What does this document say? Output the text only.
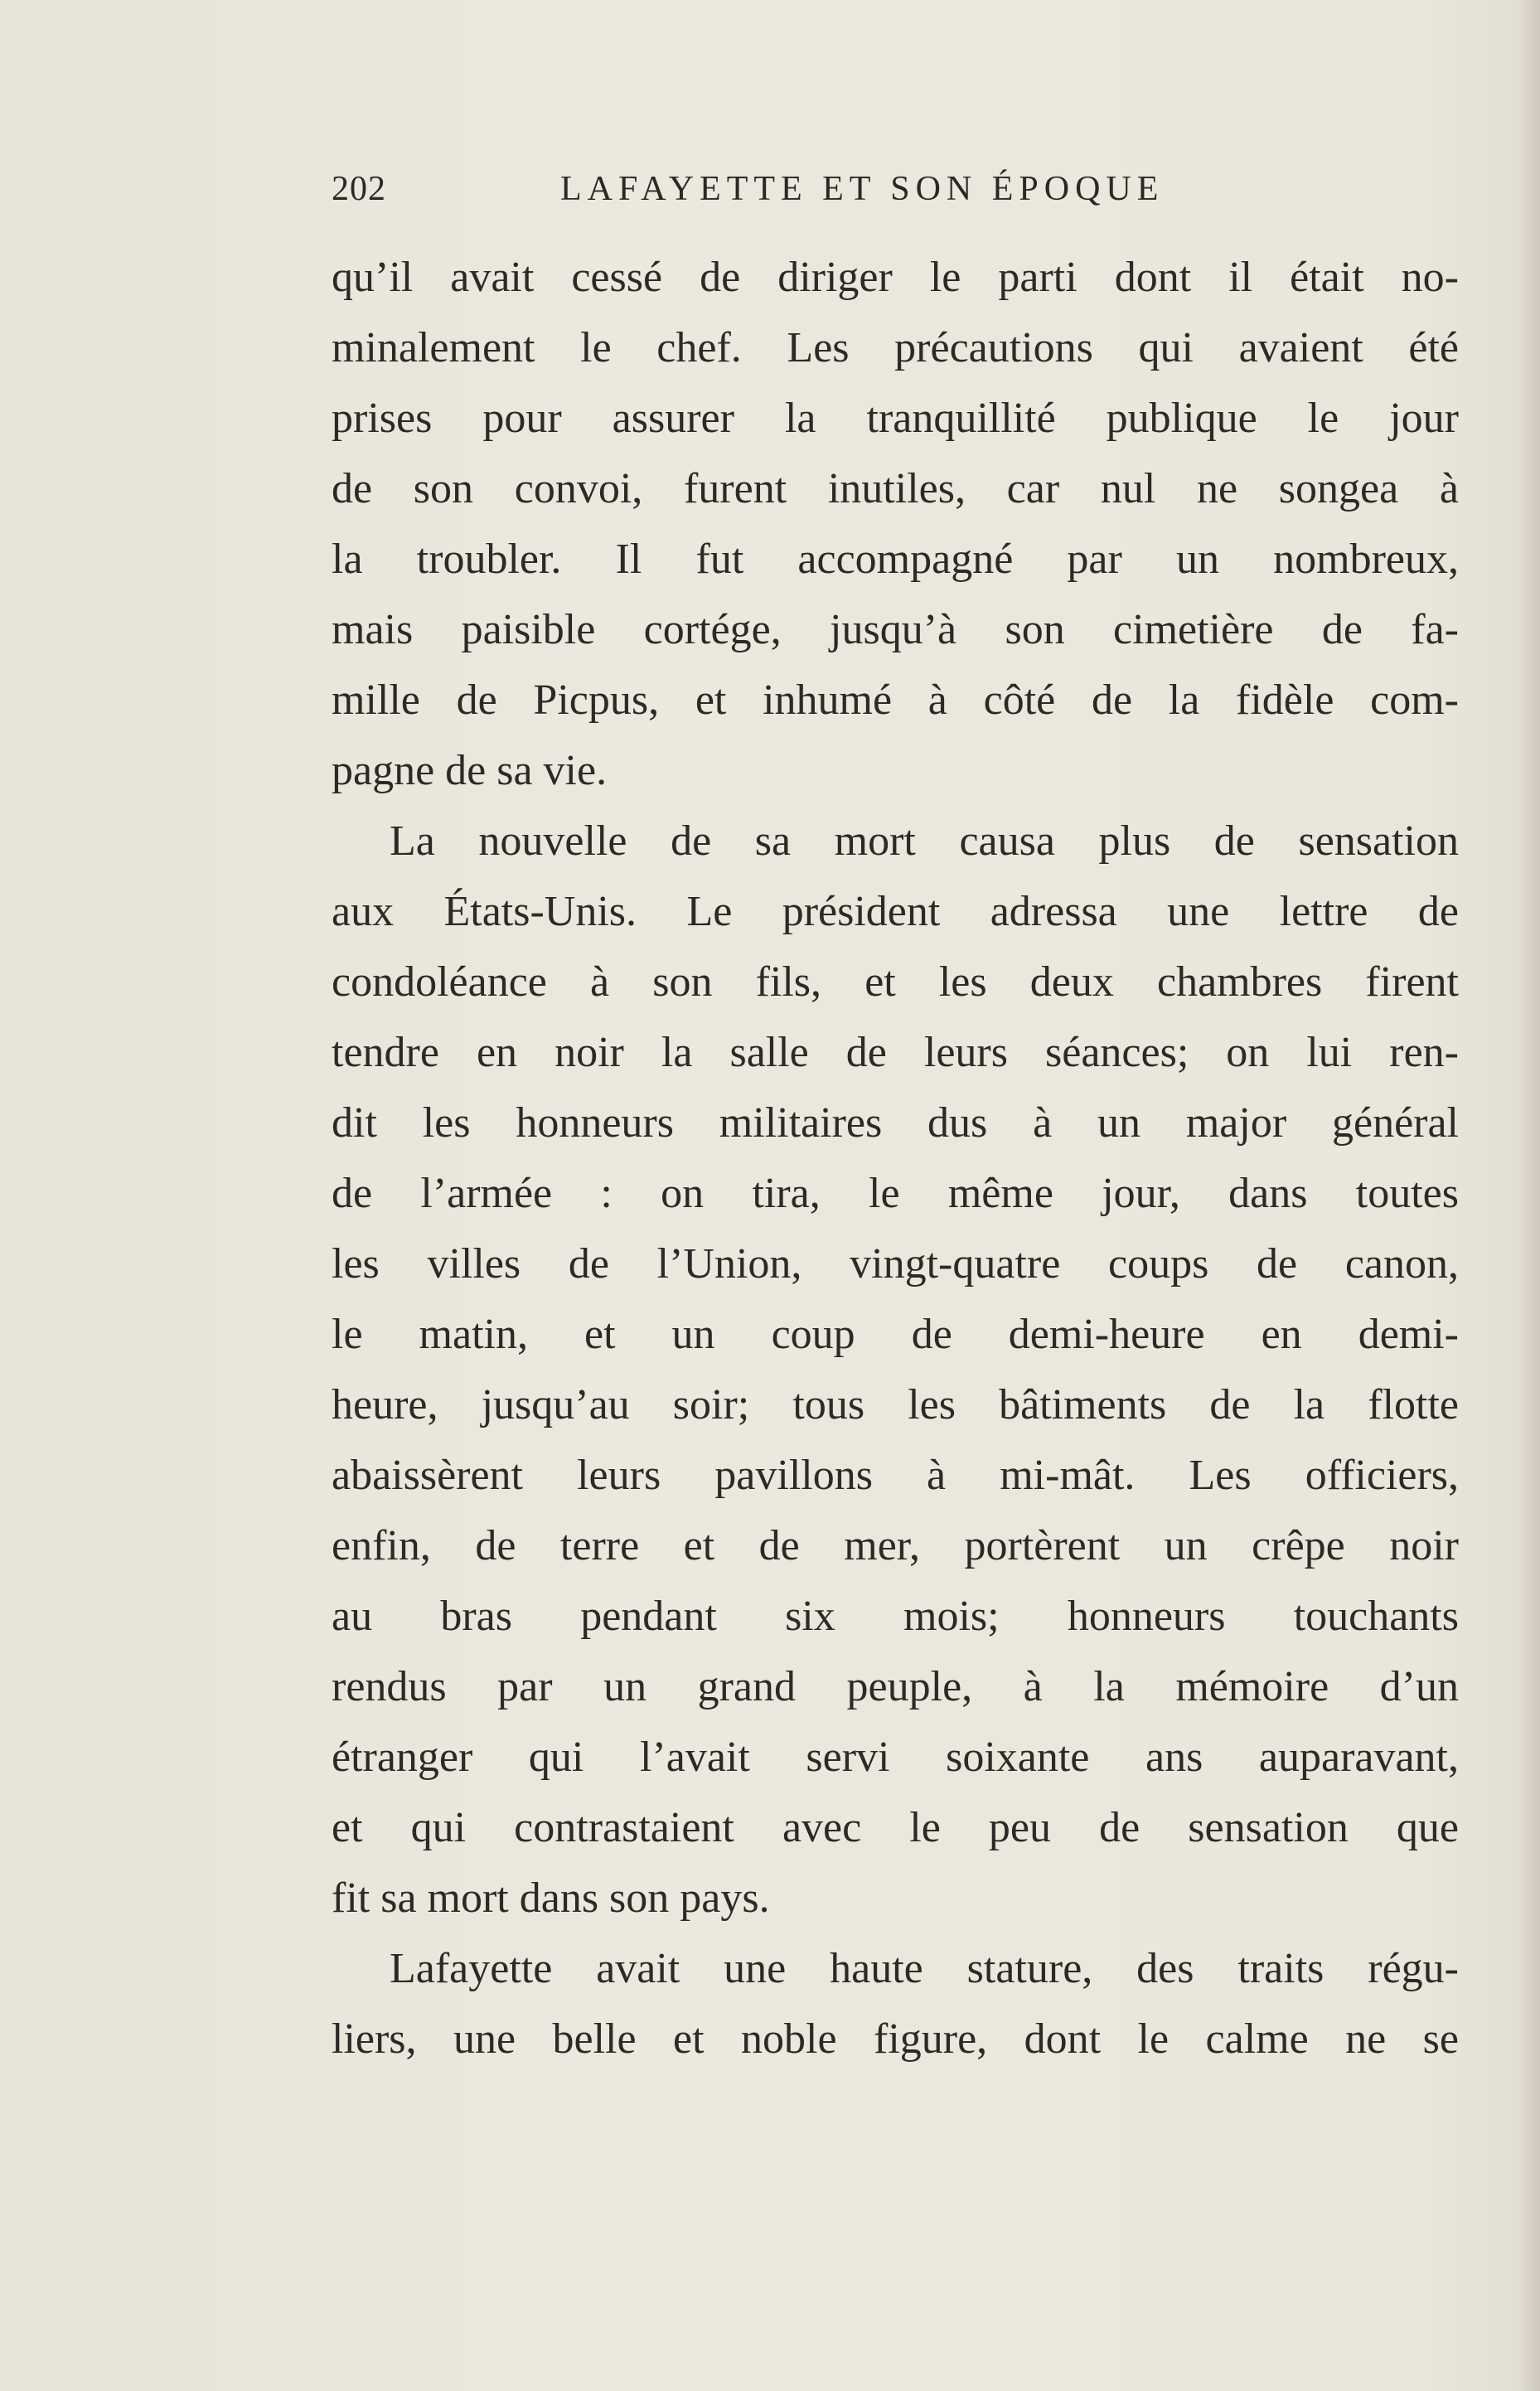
202	LAFAYETTE ET SON ÉPOQUE
qu’il avait cessé de diriger le parti dont il était no-
minalement le chef. Les précautions qui avaient été
prises pour assurer la tranquillité publique le jour
de son convoi, furent inutiles, car nul ne songea à
la troubler. Il fut accompagné par un nombreux,
mais paisible cortége, jusqu’à son cimetière de fa-
mille de Picpus, et inhumé à côté de la fidèle com-
pagne de sa vie.
La nouvelle de sa mort causa plus de sensation
aux États-Unis. Le président adressa une lettre de
condoléance à son fils, et les deux chambres firent
tendre en noir la salle de leurs séances; on lui ren-
dit les honneurs militaires dus à un major général
de l’armée : on tira, le même jour, dans toutes
les villes de l’Union, vingt-quatre coups de canon,
le matin, et un coup de demi-heure en demi-
heure, jusqu’au soir; tous les bâtiments de la flotte
abaissèrent leurs pavillons à mi-mât. Les officiers,
enfin, de terre et de mer, portèrent un crêpe noir
au bras pendant six mois; honneurs touchants
rendus par un grand peuple, à la mémoire d’un
étranger qui l’avait servi soixante ans auparavant,
et qui contrastaient avec le peu de sensation que
fit sa mort dans son pays.
Lafayette avait une haute stature, des traits régu-
liers, une belle et noble figure, dont le calme ne se
